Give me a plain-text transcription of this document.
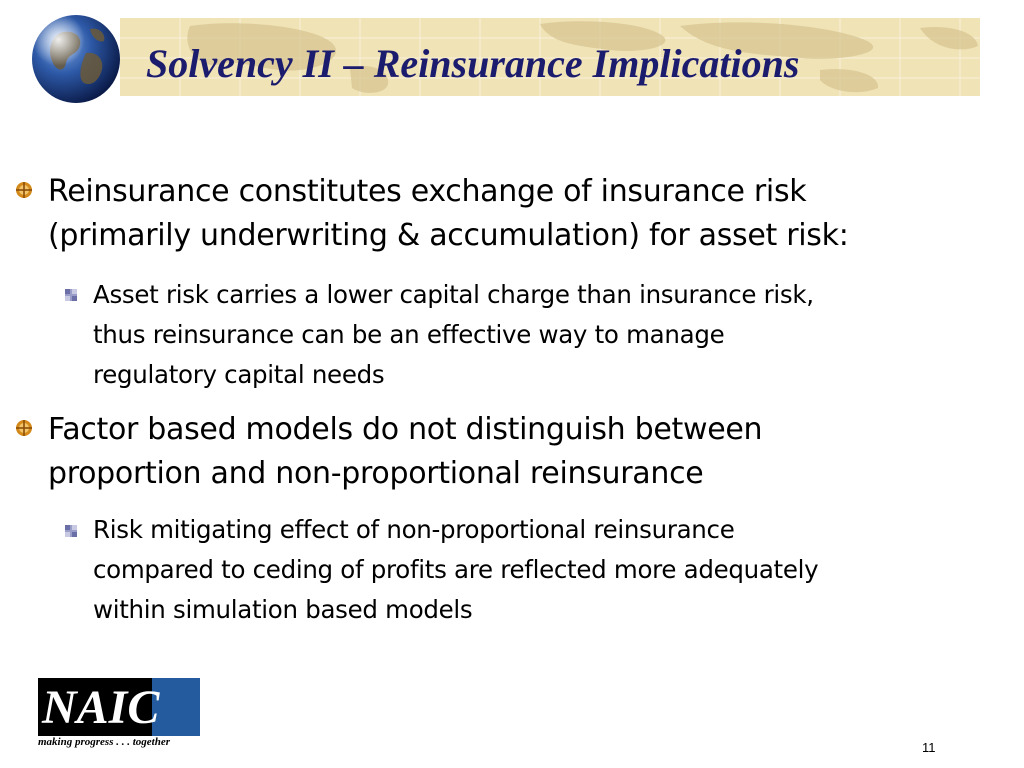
Solvency II – Reinsurance Implications
Reinsurance constitutes exchange of insurance risk
(primarily underwriting & accumulation) for asset risk:
Asset risk carries a lower capital charge than insurance risk,
thus reinsurance can be an effective way to manage
regulatory capital needs
Factor based models do not distinguish between
proportion and non-proportional reinsurance
Risk mitigating effect of non-proportional reinsurance
compared to ceding of profits are reflected more adequately
within simulation based models
NAIC
making progress . . . together	11
